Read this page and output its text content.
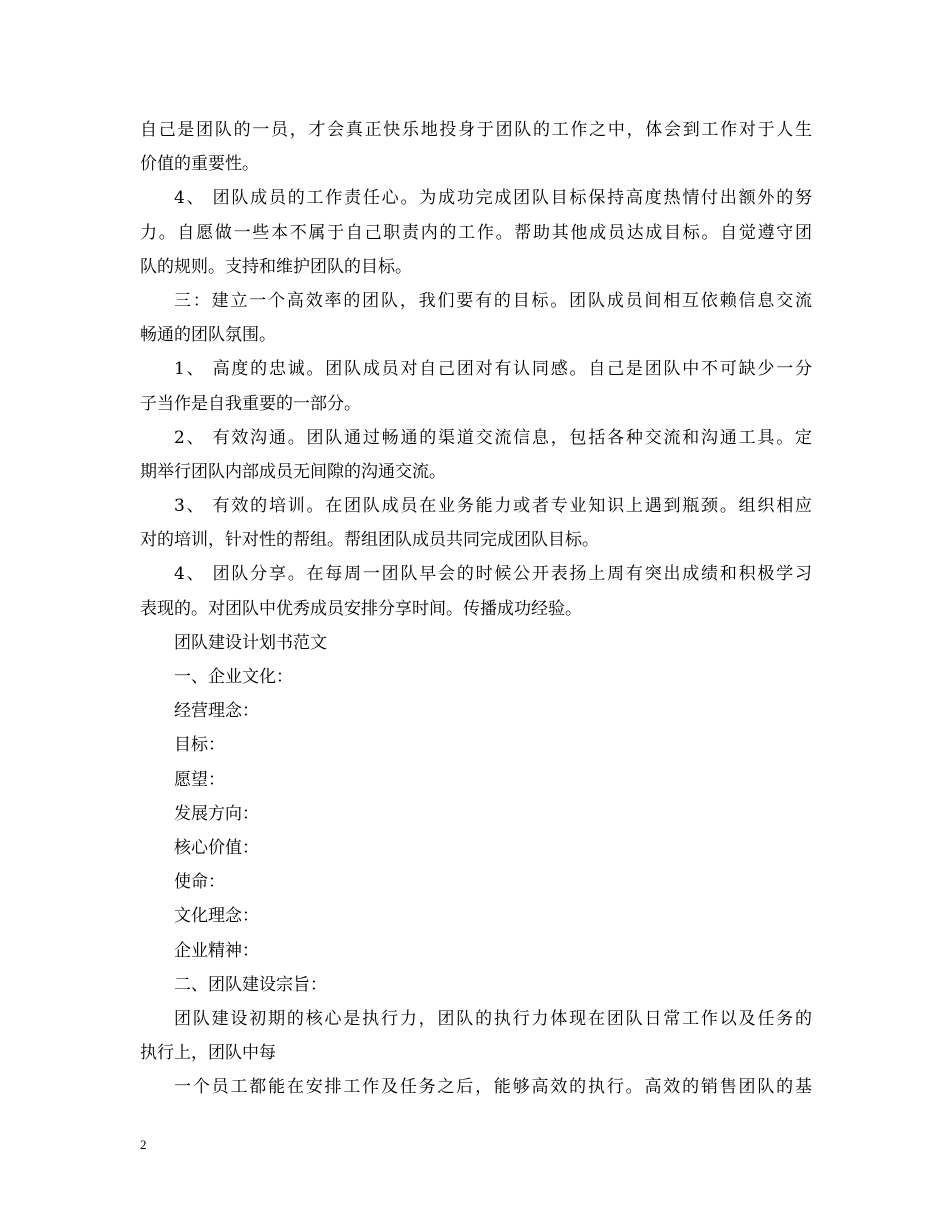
自己是团队的一员，才会真正快乐地投身于团队的工作之中，体会到工作对于人生
价值的重要性。
4、 团队成员的工作责任心。为成功完成团队目标保持高度热情付出额外的努
力。自愿做一些本不属于自己职责内的工作。帮助其他成员达成目标。自觉遵守团
队的规则。支持和维护团队的目标。
三：建立一个高效率的团队，我们要有的目标。团队成员间相互依赖信息交流
畅通的团队氛围。
1、 高度的忠诚。团队成员对自己团对有认同感。自己是团队中不可缺少一分
子当作是自我重要的一部分。
2、 有效沟通。团队通过畅通的渠道交流信息，包括各种交流和沟通工具。定
期举行团队内部成员无间隙的沟通交流。
3、 有效的培训。在团队成员在业务能力或者专业知识上遇到瓶颈。组织相应
对的培训，针对性的帮组。帮组团队成员共同完成团队目标。
4、 团队分享。在每周一团队早会的时候公开表扬上周有突出成绩和积极学习
表现的。对团队中优秀成员安排分享时间。传播成功经验。
团队建设计划书范文
一、企业文化：
经营理念：
目标：
愿望：
发展方向：
核心价值：
使命：
文化理念：
企业精神：
二、团队建设宗旨：
团队建设初期的核心是执行力，团队的执行力体现在团队日常工作以及任务的
执行上，团队中每
一个员工都能在安排工作及任务之后，能够高效的执行。高效的销售团队的基
2
